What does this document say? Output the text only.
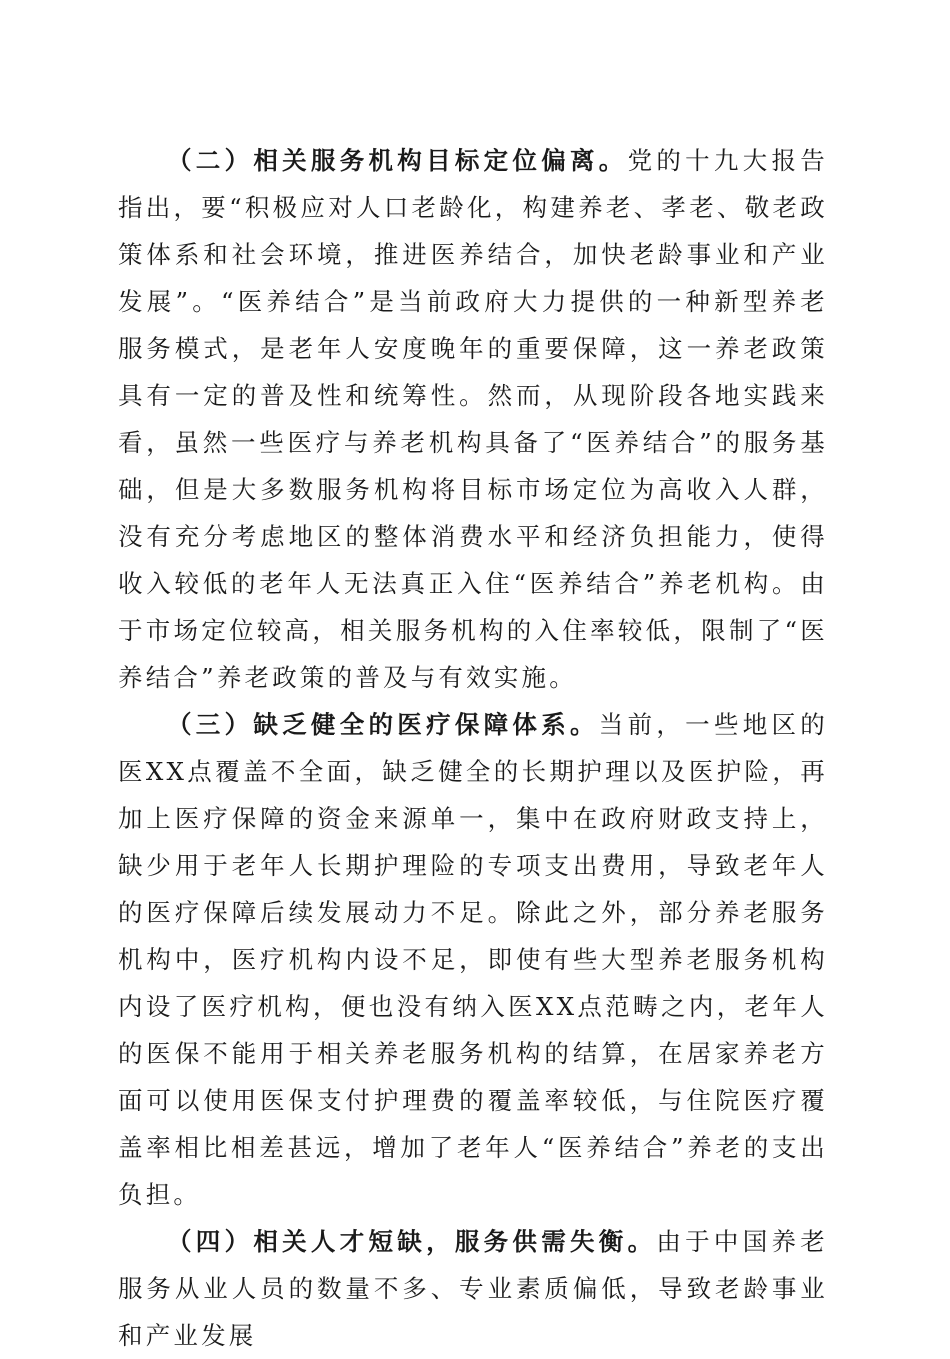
（二）相关服务机构目标定位偏离。党的十九大报告指出，要“积极应对人口老龄化，构建养老、孝老、敬老政策体系和社会环境，推进医养结合，加快老龄事业和产业发展”。“医养结合”是当前政府大力提供的一种新型养老服务模式，是老年人安度晚年的重要保障，这一养老政策具有一定的普及性和统筹性。然而，从现阶段各地实践来看，虽然一些医疗与养老机构具备了“医养结合”的服务基础，但是大多数服务机构将目标市场定位为高收入人群，没有充分考虑地区的整体消费水平和经济负担能力，使得收入较低的老年人无法真正入住“医养结合”养老机构。由于市场定位较高，相关服务机构的入住率较低，限制了“医养结合”养老政策的普及与有效实施。

（三）缺乏健全的医疗保障体系。当前，一些地区的医XX点覆盖不全面，缺乏健全的长期护理以及医护险，再加上医疗保障的资金来源单一，集中在政府财政支持上，缺少用于老年人长期护理险的专项支出费用，导致老年人的医疗保障后续发展动力不足。除此之外，部分养老服务机构中，医疗机构内设不足，即使有些大型养老服务机构内设了医疗机构，便也没有纳入医XX点范畴之内，老年人的医保不能用于相关养老服务机构的结算，在居家养老方面可以使用医保支付护理费的覆盖率较低，与住院医疗覆盖率相比相差甚远，增加了老年人“医养结合”养老的支出负担。

（四）相关人才短缺，服务供需失衡。由于中国养老服务从业人员的数量不多、专业素质偏低，导致老龄事业和产业发展
